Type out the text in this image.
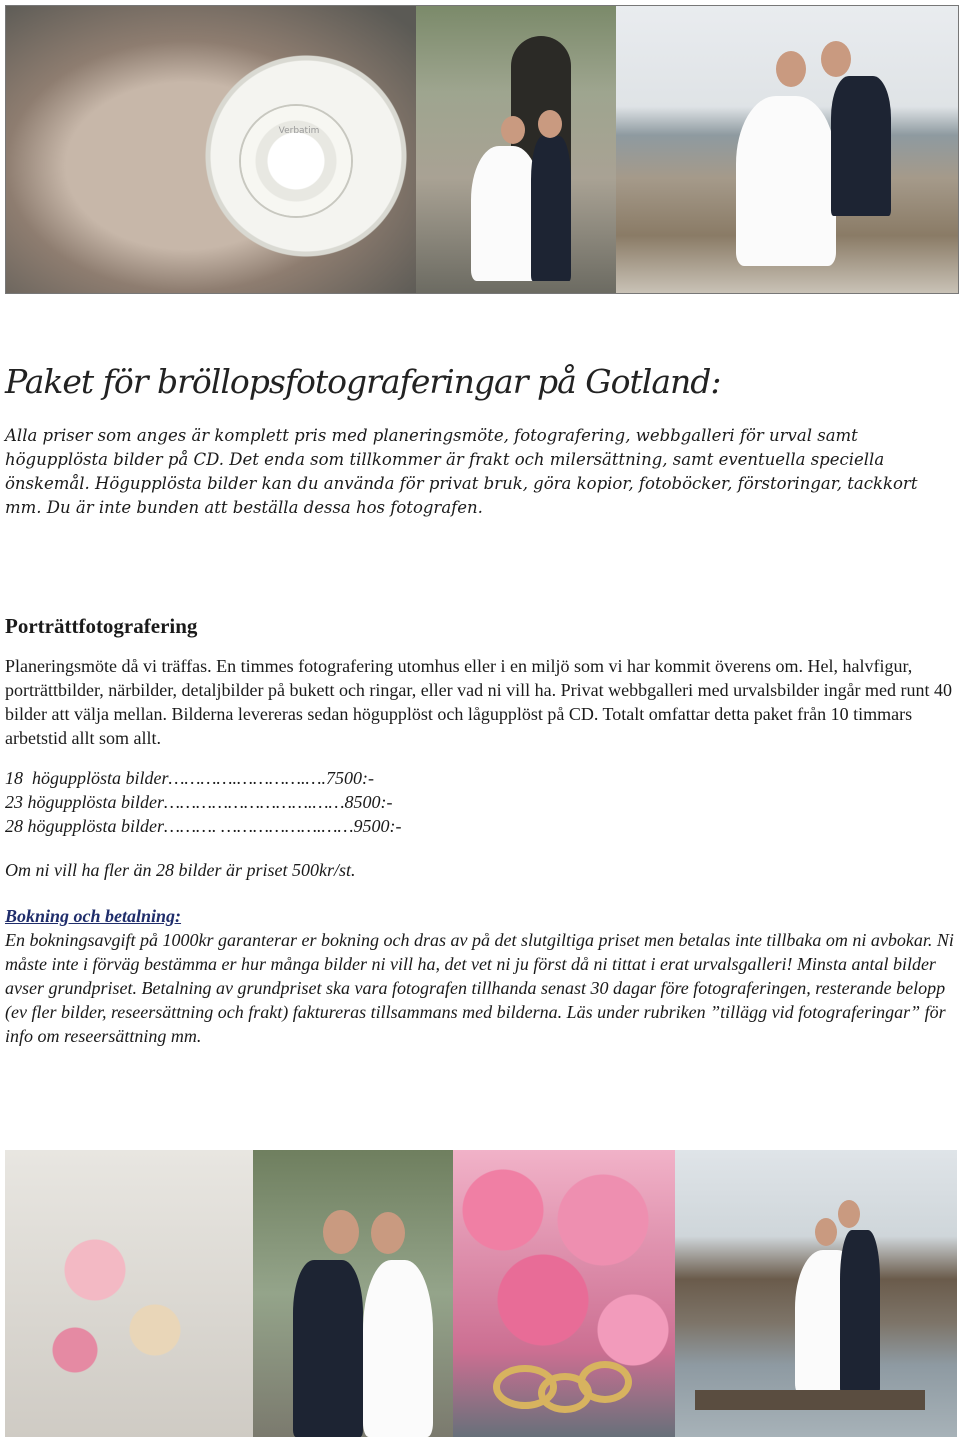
Verbatim
Paket för bröllopsfotograferingar på Gotland:

Alla priser som anges är komplett pris med planeringsmöte, fotografering, webbgalleri för urval samt högupplösta bilder på CD. Det enda som tillkommer är frakt och milersättning, samt eventuella speciella önskemål. Högupplösta bilder kan du använda för privat bruk, göra kopior, fotoböcker, förstoringar, tackkort mm. Du är inte bunden att beställa dessa hos fotografen.

Porträttfotografering

Planeringsmöte då vi träffas. En timmes fotografering utomhus eller i en miljö som vi har kommit överens om. Hel, halvfigur, porträttbilder, närbilder, detaljbilder på bukett och ringar, eller vad ni vill ha. Privat webbgalleri med urvalsbilder ingår med runt 40 bilder att välja mellan. Bilderna levereras sedan högupplöst och lågupplöst på CD. Totalt omfattar detta paket från 10 timmars arbetstid allt som allt.

18  högupplösta bilder………….………….….7500:-
23 högupplösta bilder……………………….……8500:-
28 högupplösta bilder………. ……………….……9500:-

Om ni vill ha fler än 28 bilder är priset 500kr/st.

Bokning och betalning:

En bokningsavgift på 1000kr garanterar er bokning och dras av på det slutgiltiga priset men betalas inte tillbaka om ni avbokar. Ni måste inte i förväg bestämma er hur många bilder ni vill ha, det vet ni ju först då ni tittat i erat urvalsgalleri! Minsta antal bilder avser grundpriset. Betalning av grundpriset ska vara fotografen tillhanda senast 30 dagar före fotograferingen, resterande belopp (ev fler bilder, reseersättning och frakt) faktureras tillsammans med bilderna. Läs under rubriken ”tillägg vid fotograferingar” för info om reseersättning mm.
